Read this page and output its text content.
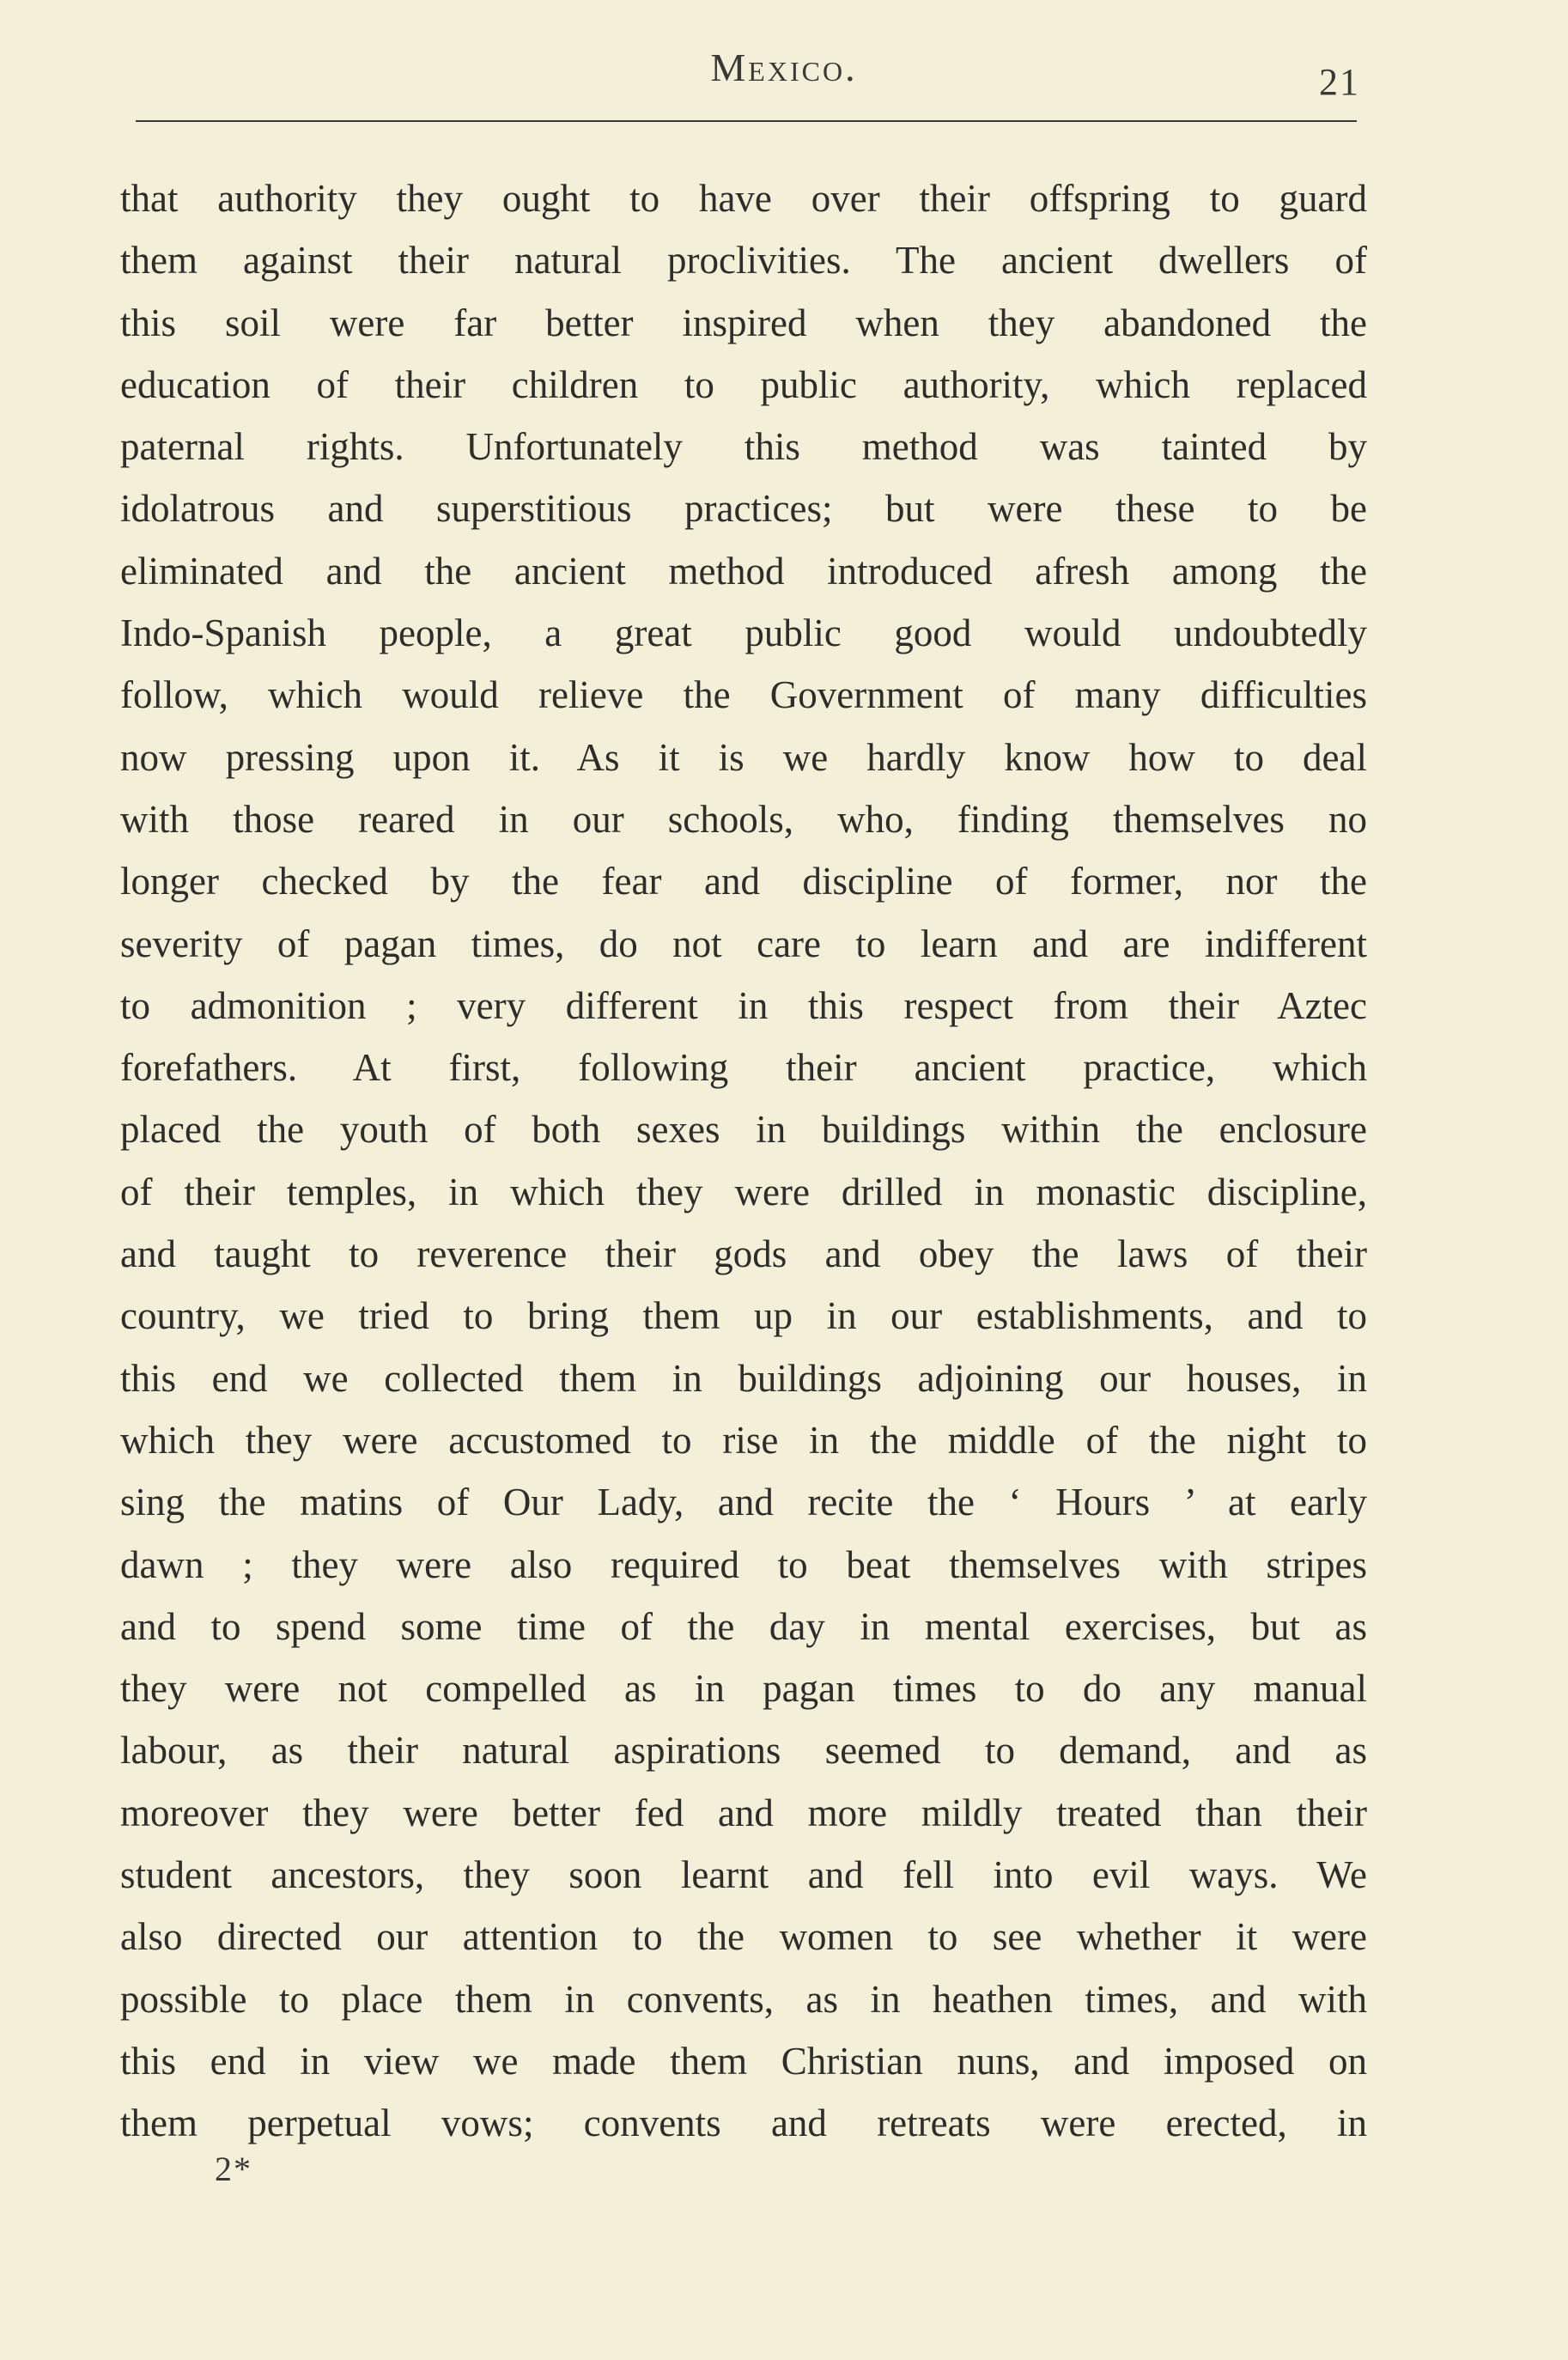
Mexico.	21
that authority they ought to have over their offspring to guard
them against their natural proclivities. The ancient dwellers of
this soil were far better inspired when they abandoned the
education of their children to public authority, which replaced
paternal rights. Unfortunately this method was tainted by
idolatrous and superstitious practices; but were these to be
eliminated and the ancient method introduced afresh among the
Indo-Spanish people, a great public good would undoubtedly
follow, which would relieve the Government of many difficulties
now pressing upon it. As it is we hardly know how to deal
with those reared in our schools, who, finding themselves no
longer checked by the fear and discipline of former, nor the
severity of pagan times, do not care to learn and are indifferent
to admonition ; very different in this respect from their Aztec
forefathers. At first, following their ancient practice, which
placed the youth of both sexes in buildings within the enclosure
of their temples, in which they were drilled in monastic discipline,
and taught to reverence their gods and obey the laws of their
country, we tried to bring them up in our establishments, and to
this end we collected them in buildings adjoining our houses, in
which they were accustomed to rise in the middle of the night to
sing the matins of Our Lady, and recite the ‘ Hours ’ at early
dawn ; they were also required to beat themselves with stripes
and to spend some time of the day in mental exercises, but as
they were not compelled as in pagan times to do any manual
labour, as their natural aspirations seemed to demand, and as
moreover they were better fed and more mildly treated than their
student ancestors, they soon learnt and fell into evil ways. We
also directed our attention to the women to see whether it were
possible to place them in convents, as in heathen times, and with
this end in view we made them Christian nuns, and imposed on
them perpetual vows; convents and retreats were erected, in
2*
